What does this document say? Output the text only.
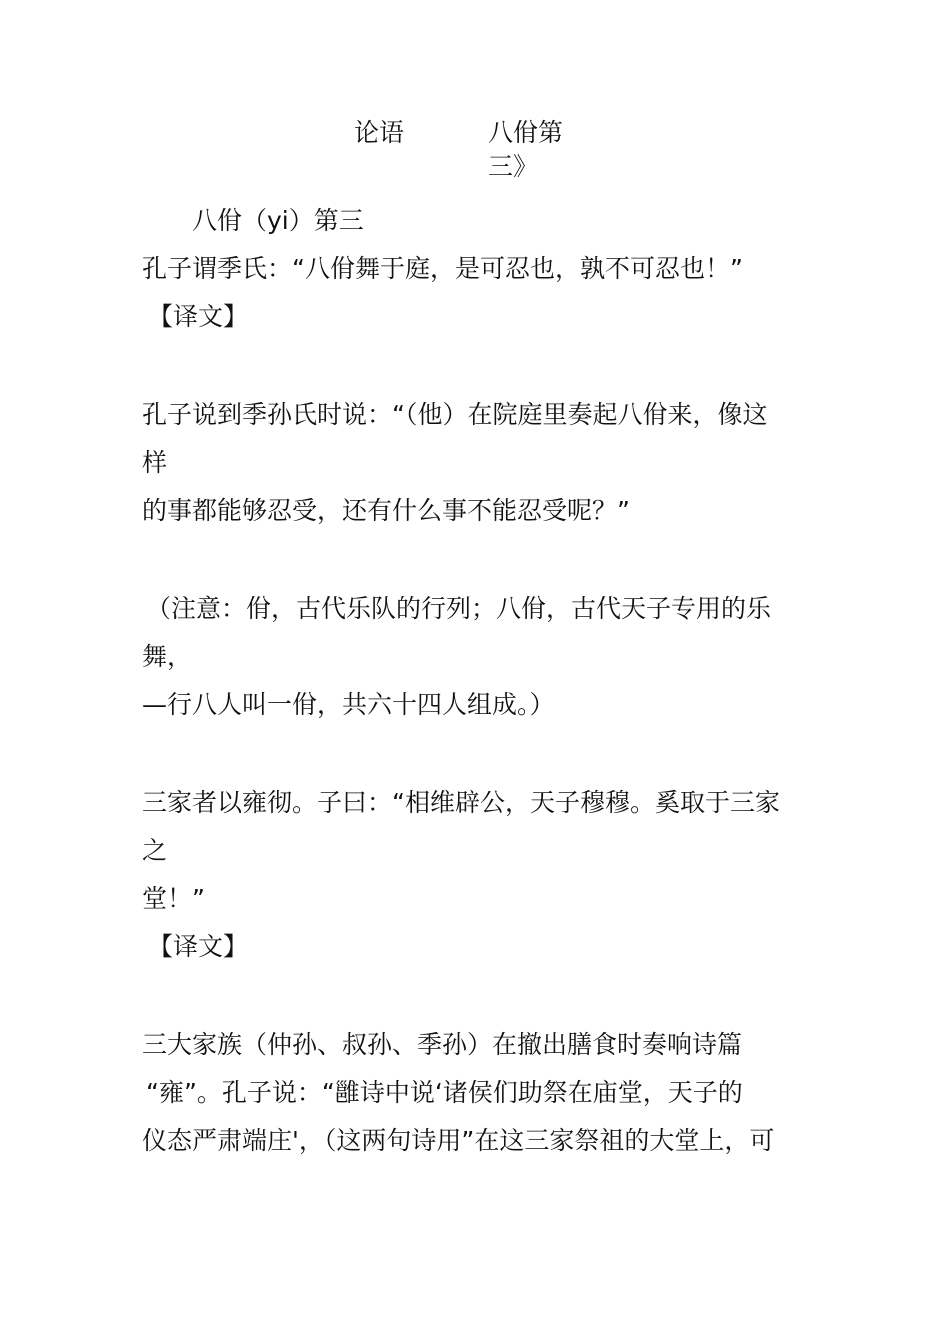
论语	八佾第
三》
八佾（yi）第三
孔子谓季氏：“八佾舞于庭，是可忍也，孰不可忍也！”
【译文】
孔子说到季孙氏时说：“（他）在院庭里奏起八佾来，像这
样
的事都能够忍受，还有什么事不能忍受呢？”
（注意：佾，古代乐队的行列；八佾，古代天子专用的乐
舞，
—行八人叫一佾，共六十四人组成。）
三家者以雍彻。子曰：“相维辟公，天子穆穆。奚取于三家
之
堂！”
【译文】
三大家族（仲孙、叔孙、季孙）在撤出膳食时奏响诗篇
“雍”。孔子说：“雝诗中说‘诸侯们助祭在庙堂，天子的
仪态严肃端庄'，（这两句诗用”在这三家祭祖的大堂上，可
